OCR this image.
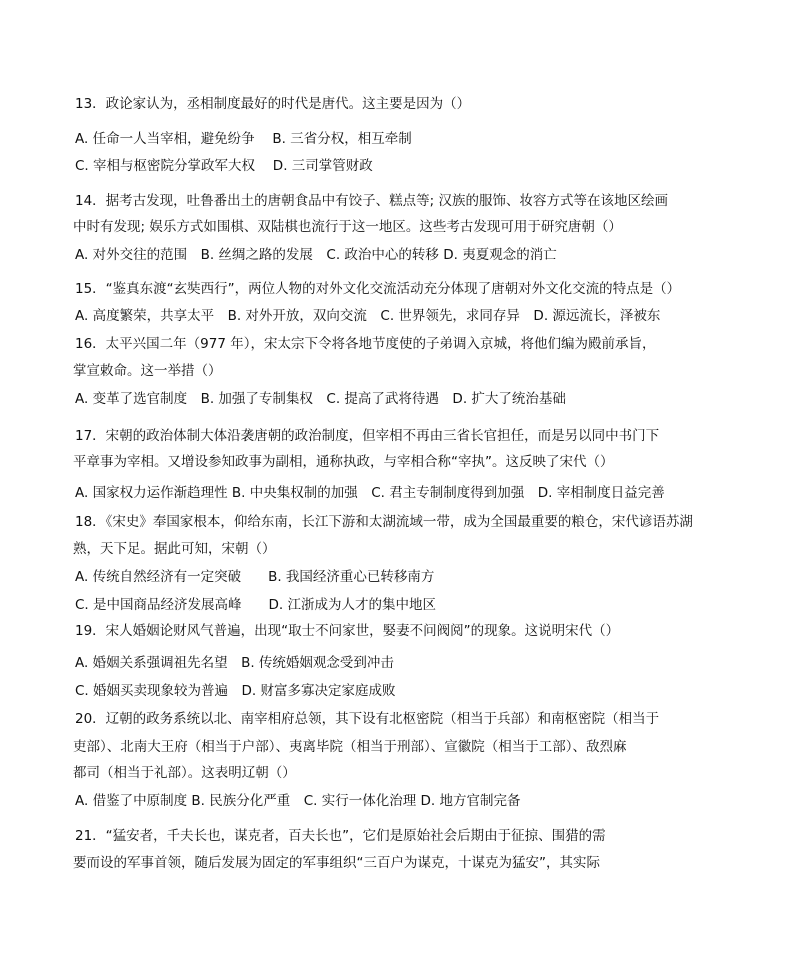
13．政论家认为，丞相制度最好的时代是唐代。这主要是因为（）
A. 任命一人当宰相，避免纷争　 B. 三省分权，相互牵制
C. 宰相与枢密院分掌政军大权　 D. 三司掌管财政
14．据考古发现，吐鲁番出土的唐朝食品中有饺子、糕点等; 汉族的服饰、妆容方式等在该地区绘画
中时有发现; 娱乐方式如围棋、双陆棋也流行于这一地区。这些考古发现可用于研究唐朝（）
A. 对外交往的范围　B. 丝绸之路的发展　C. 政治中心的转移 D. 夷夏观念的消亡
15．“鉴真东渡“玄奘西行”，两位人物的对外文化交流活动充分体现了唐朝对外文化交流的特点是（）
A. 高度繁荣，共享太平　B. 对外开放，双向交流　C. 世界领先，求同存异　D. 源远流长，泽被东
16．太平兴国二年（977 年），宋太宗下令将各地节度使的子弟调入京城，将他们编为殿前承旨，
掌宣敕命。这一举措（）
A. 变革了选官制度　B. 加强了专制集权　C. 提高了武将待遇　D. 扩大了统治基础
17．宋朝的政治体制大体沿袭唐朝的政治制度，但宰相不再由三省长官担任，而是另以同中书门下
平章事为宰相。又增设参知政事为副相，通称执政，与宰相合称“宰执”。这反映了宋代（）
A. 国家权力运作渐趋理性 B. 中央集权制的加强　C. 君主专制制度得到加强　D. 宰相制度日益完善
18．《宋史》奉国家根本，仰给东南，长江下游和太湖流域一带，成为全国最重要的粮仓，宋代谚语苏湖
熟，天下足。据此可知，宋朝（）
A. 传统自然经济有一定突破　　B. 我国经济重心已转移南方
C. 是中国商品经济发展高峰　　D. 江浙成为人才的集中地区
19．宋人婚姻论财风气普遍，出现“取士不问家世，婜妻不问阀阅”的现象。这说明宋代（）
A. 婚姻关系强调祖先名望　B. 传统婚姻观念受到冲击
C. 婚姻买卖现象较为普遍　D. 财富多寡决定家庭成败
20．辽朝的政务系统以北、南宰相府总领，其下设有北枢密院（相当于兵部）和南枢密院（相当于
吏部）、北南大王府（相当于户部）、夷离毕院（相当于刑部）、宣徽院（相当于工部）、敌烈麻
都司（相当于礼部）。这表明辽朝（）
A. 借鉴了中原制度 B. 民族分化严重　C. 实行一体化治理 D. 地方官制完备
21．“猛安者，千夫长也，谋克者，百夫长也”，它们是原始社会后期由于征掠、围猎的需
要而设的军事首领，随后发展为固定的军事组织“三百户为谋克，十谋克为猛安”，其实际
